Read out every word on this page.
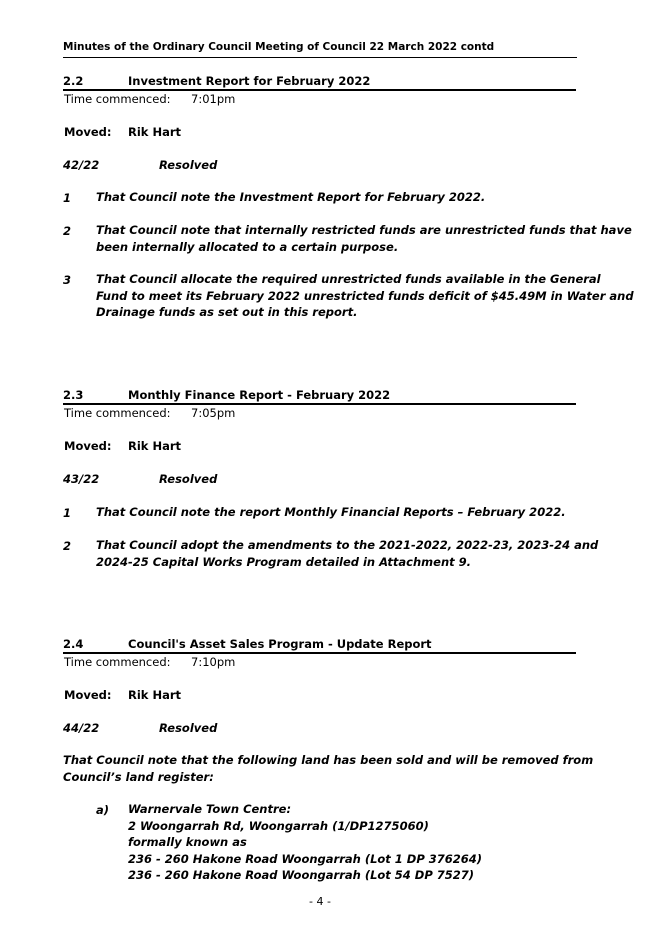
Minutes of the Ordinary Council Meeting of Council 22 March 2022 contd
2.2	Investment Report for February 2022
Time commenced: 7:01pm
Moved: Rik Hart
42/22	Resolved
1 That Council note the Investment Report for February 2022.
2 That Council note that internally restricted funds are unrestricted funds that have
been internally allocated to a certain purpose.
3 That Council allocate the required unrestricted funds available in the General
Fund to meet its February 2022 unrestricted funds deficit of $45.49M in Water and
Drainage funds as set out in this report.
2.3	Monthly Finance Report - February 2022
Time commenced: 7:05pm
Moved: Rik Hart
43/22	Resolved
1 That Council note the report Monthly Financial Reports – February 2022.
2 That Council adopt the amendments to the 2021-2022, 2022-23, 2023-24 and
2024-25 Capital Works Program detailed in Attachment 9.
2.4	Council's Asset Sales Program - Update Report
Time commenced: 7:10pm
Moved: Rik Hart
44/22	Resolved
That Council note that the following land has been sold and will be removed from
Council’s land register:
a) Warnervale Town Centre:
2 Woongarrah Rd, Woongarrah (1/DP1275060)
formally known as
236 - 260 Hakone Road Woongarrah (Lot 1 DP 376264)
236 - 260 Hakone Road Woongarrah (Lot 54 DP 7527)
- 4 -
